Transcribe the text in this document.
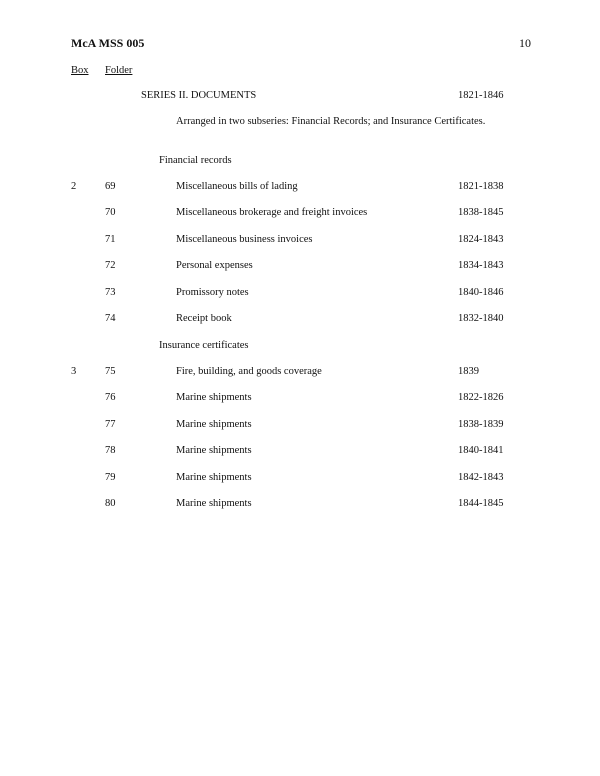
McA MSS 005	10
Box Folder
SERIES II. DOCUMENTS	1821-1846
Arranged in two subseries: Financial Records; and Insurance Certificates.
Financial records
2	69	Miscellaneous bills of lading	1821-1838
70	Miscellaneous brokerage and freight invoices	1838-1845
71	Miscellaneous business invoices	1824-1843
72	Personal expenses	1834-1843
73	Promissory notes	1840-1846
74	Receipt book	1832-1840
Insurance certificates
3	75	Fire, building, and goods coverage	1839
76	Marine shipments	1822-1826
77	Marine shipments	1838-1839
78	Marine shipments	1840-1841
79	Marine shipments	1842-1843
80	Marine shipments	1844-1845
